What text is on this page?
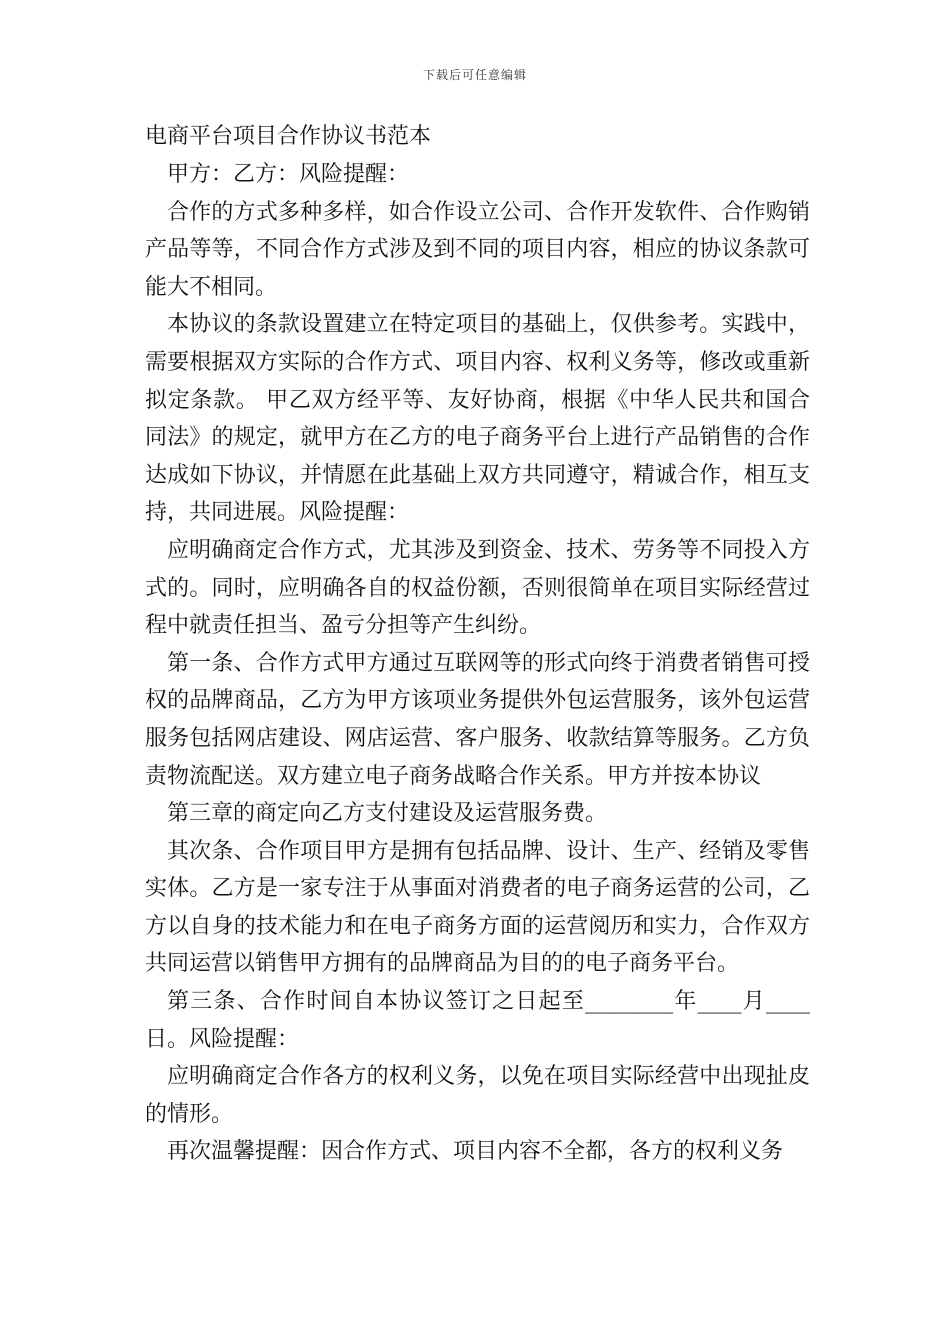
下载后可任意编辑
电商平台项目合作协议书范本

甲方：乙方：风险提醒：

合作的方式多种多样，如合作设立公司、合作开发软件、合作购销产品等等，不同合作方式涉及到不同的项目内容，相应的协议条款可能大不相同。

本协议的条款设置建立在特定项目的基础上，仅供参考。实践中，需要根据双方实际的合作方式、项目内容、权利义务等，修改或重新拟定条款。 甲乙双方经平等、友好协商，根据《中华人民共和国合同法》的规定，就甲方在乙方的电子商务平台上进行产品销售的合作达成如下协议，并情愿在此基础上双方共同遵守，精诚合作，相互支持，共同进展。风险提醒：

应明确商定合作方式，尤其涉及到资金、技术、劳务等不同投入方式的。同时，应明确各自的权益份额，否则很简单在项目实际经营过程中就责任担当、盈亏分担等产生纠纷。

第一条、合作方式甲方通过互联网等的形式向终于消费者销售可授权的品牌商品，乙方为甲方该项业务提供外包运营服务，该外包运营服务包括网店建设、网店运营、客户服务、收款结算等服务。乙方负责物流配送。双方建立电子商务战略合作关系。甲方并按本协议

第三章的商定向乙方支付建设及运营服务费。

其次条、合作项目甲方是拥有包括品牌、设计、生产、经销及零售实体。乙方是一家专注于从事面对消费者的电子商务运营的公司，乙方以自身的技术能力和在电子商务方面的运营阅历和实力，合作双方共同运营以销售甲方拥有的品牌商品为目的的电子商务平台。

第三条、合作时间自本协议签订之日起至________年____月____日。风险提醒：

应明确商定合作各方的权利义务，以免在项目实际经营中出现扯皮的情形。

再次温馨提醒：因合作方式、项目内容不全都，各方的权利义务
